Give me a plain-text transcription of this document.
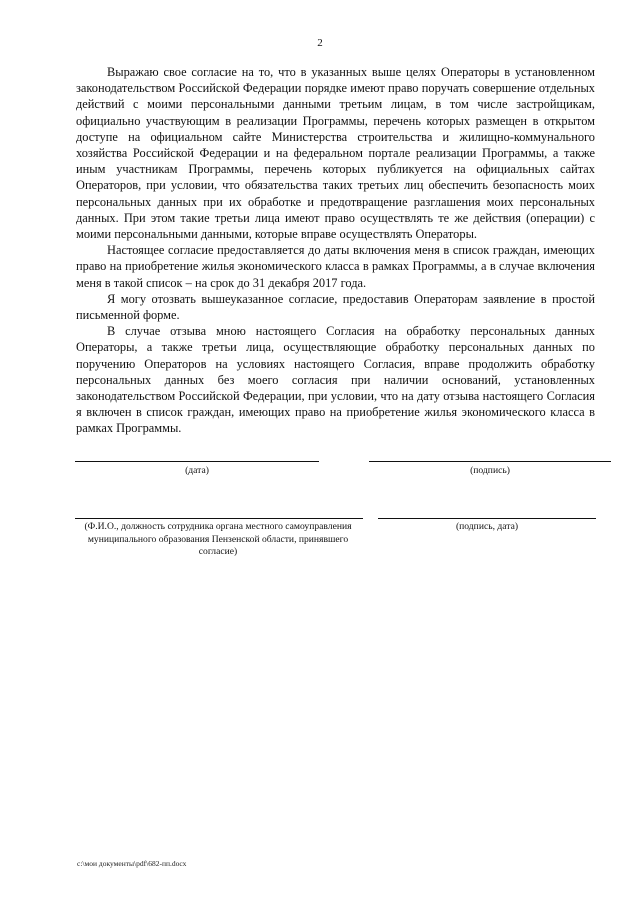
2

Выражаю свое согласие на то, что в указанных выше целях Операторы в установленном законодательством Российской Федерации порядке имеют право поручать совершение отдельных действий с моими персональными данными третьим лицам, в том числе застройщикам, официально участвующим в реализации Программы, перечень которых размещен в открытом доступе на официальном сайте Министерства строительства и жилищно-коммунального хозяйства Российской Федерации и на федеральном портале реализации Программы, а также иным участникам Программы, перечень которых публикуется на официальных сайтах Операторов, при условии, что обязательства таких третьих лиц обеспечить безопасность моих персональных данных при их обработке и предотвращение разглашения моих персональных данных. При этом такие третьи лица имеют право осуществлять те же действия (операции) с моими персональными данными, которые вправе осуществлять Операторы.

Настоящее согласие предоставляется до даты включения меня в список граждан, имеющих право на приобретение жилья экономического класса в рамках Программы, а в случае включения меня в такой список – на срок до 31 декабря 2017 года.

Я могу отозвать вышеуказанное согласие, предоставив Операторам заявление в простой письменной форме.

В случае отзыва мною настоящего Согласия на обработку персональных данных Операторы, а также третьи лица, осуществляющие обработку персональных данных по поручению Операторов на условиях настоящего Согласия, вправе продолжить обработку персональных данных без моего согласия при наличии оснований, установленных законодательством Российской Федерации, при условии, что на дату отзыва настоящего Согласия я включен в список граждан, имеющих право на приобретение жилья экономического класса в рамках Программы.

(дата)	(подпись)
(Ф.И.О., должность сотрудника органа местного самоуправления муниципального образования Пензенской области, принявшего согласие)
(подпись, дата)
c:\мои документы\pdf\682-пп.docx
